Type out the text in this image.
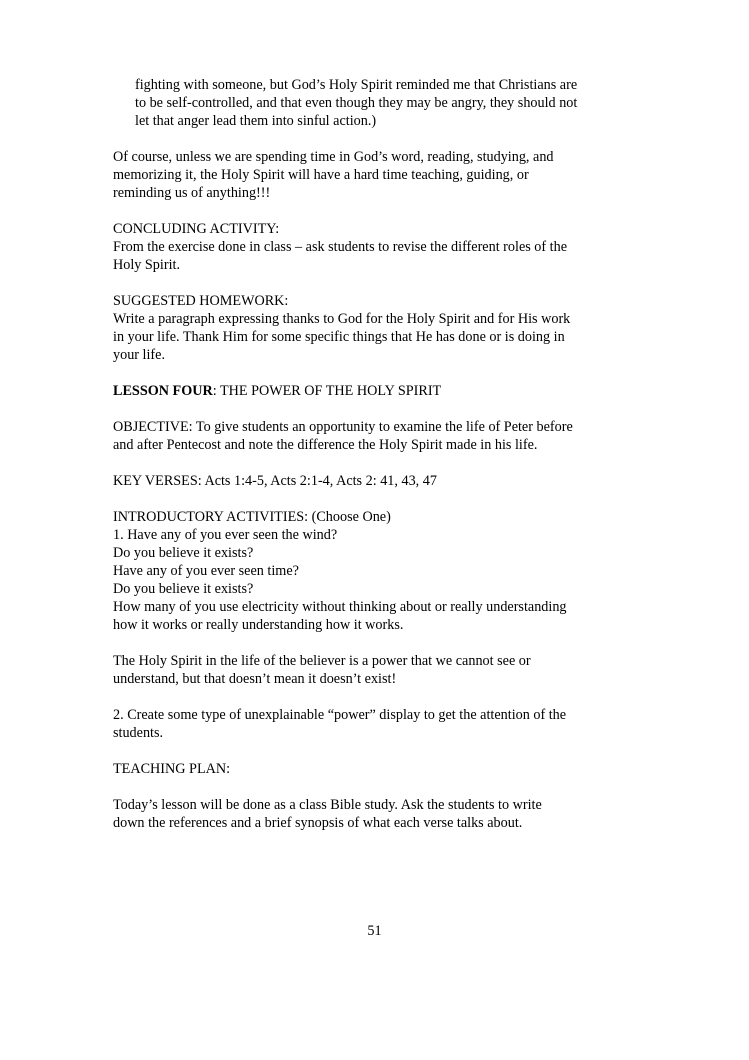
fighting with someone, but God’s Holy Spirit reminded me that Christians are
to be self-controlled, and that even though they may be angry, they should not
let that anger lead them into sinful action.)
Of course, unless we are spending time in God’s word, reading, studying, and
memorizing it, the Holy Spirit will have a hard time teaching, guiding, or
reminding us of anything!!!
CONCLUDING ACTIVITY:
From the exercise done in class – ask students to revise the different roles of the
Holy Spirit.
SUGGESTED HOMEWORK:
Write a paragraph expressing thanks to God for the Holy Spirit and for His work
in your life. Thank Him for some specific things that He has done or is doing in
your life.
LESSON FOUR: THE POWER OF THE HOLY SPIRIT
OBJECTIVE: To give students an opportunity to examine the life of Peter before
and after Pentecost and note the difference the Holy Spirit made in his life.
KEY VERSES: Acts 1:4-5, Acts 2:1-4, Acts 2: 41, 43, 47
INTRODUCTORY ACTIVITIES: (Choose One)
1. Have any of you ever seen the wind?
Do you believe it exists?
Have any of you ever seen time?
Do you believe it exists?
How many of you use electricity without thinking about or really understanding
how it works or really understanding how it works.
The Holy Spirit in the life of the believer is a power that we cannot see or
understand, but that doesn’t mean it doesn’t exist!
2. Create some type of unexplainable “power” display to get the attention of the
students.
TEACHING PLAN:
Today’s lesson will be done as a class Bible study. Ask the students to write
down the references and a brief synopsis of what each verse talks about.
51
